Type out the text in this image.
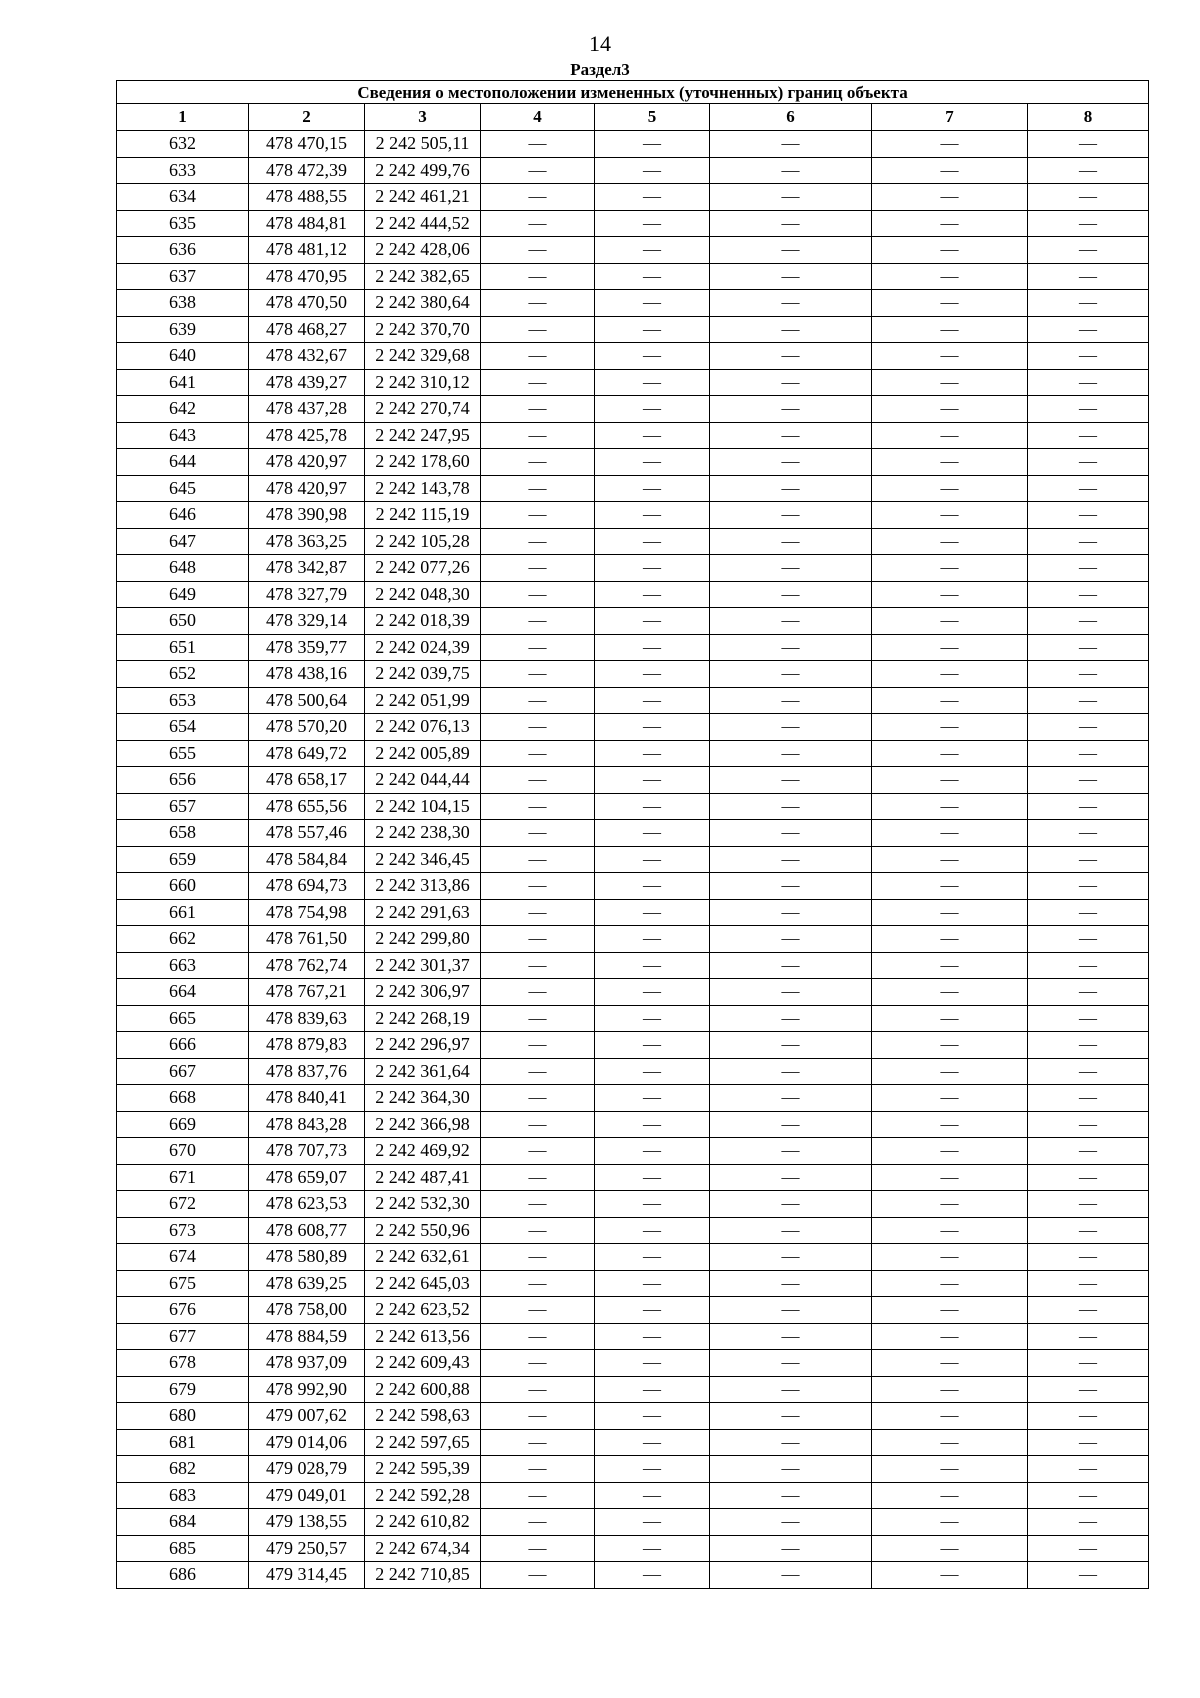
14
Раздел3
Сведения о местоположении измененных (уточненных) границ объекта							
1	2	3	4	5	6	7	8
632	478 470,15	2 242 505,11	—	—	—	—	—
633	478 472,39	2 242 499,76	—	—	—	—	—
634	478 488,55	2 242 461,21	—	—	—	—	—
635	478 484,81	2 242 444,52	—	—	—	—	—
636	478 481,12	2 242 428,06	—	—	—	—	—
637	478 470,95	2 242 382,65	—	—	—	—	—
638	478 470,50	2 242 380,64	—	—	—	—	—
639	478 468,27	2 242 370,70	—	—	—	—	—
640	478 432,67	2 242 329,68	—	—	—	—	—
641	478 439,27	2 242 310,12	—	—	—	—	—
642	478 437,28	2 242 270,74	—	—	—	—	—
643	478 425,78	2 242 247,95	—	—	—	—	—
644	478 420,97	2 242 178,60	—	—	—	—	—
645	478 420,97	2 242 143,78	—	—	—	—	—
646	478 390,98	2 242 115,19	—	—	—	—	—
647	478 363,25	2 242 105,28	—	—	—	—	—
648	478 342,87	2 242 077,26	—	—	—	—	—
649	478 327,79	2 242 048,30	—	—	—	—	—
650	478 329,14	2 242 018,39	—	—	—	—	—
651	478 359,77	2 242 024,39	—	—	—	—	—
652	478 438,16	2 242 039,75	—	—	—	—	—
653	478 500,64	2 242 051,99	—	—	—	—	—
654	478 570,20	2 242 076,13	—	—	—	—	—
655	478 649,72	2 242 005,89	—	—	—	—	—
656	478 658,17	2 242 044,44	—	—	—	—	—
657	478 655,56	2 242 104,15	—	—	—	—	—
658	478 557,46	2 242 238,30	—	—	—	—	—
659	478 584,84	2 242 346,45	—	—	—	—	—
660	478 694,73	2 242 313,86	—	—	—	—	—
661	478 754,98	2 242 291,63	—	—	—	—	—
662	478 761,50	2 242 299,80	—	—	—	—	—
663	478 762,74	2 242 301,37	—	—	—	—	—
664	478 767,21	2 242 306,97	—	—	—	—	—
665	478 839,63	2 242 268,19	—	—	—	—	—
666	478 879,83	2 242 296,97	—	—	—	—	—
667	478 837,76	2 242 361,64	—	—	—	—	—
668	478 840,41	2 242 364,30	—	—	—	—	—
669	478 843,28	2 242 366,98	—	—	—	—	—
670	478 707,73	2 242 469,92	—	—	—	—	—
671	478 659,07	2 242 487,41	—	—	—	—	—
672	478 623,53	2 242 532,30	—	—	—	—	—
673	478 608,77	2 242 550,96	—	—	—	—	—
674	478 580,89	2 242 632,61	—	—	—	—	—
675	478 639,25	2 242 645,03	—	—	—	—	—
676	478 758,00	2 242 623,52	—	—	—	—	—
677	478 884,59	2 242 613,56	—	—	—	—	—
678	478 937,09	2 242 609,43	—	—	—	—	—
679	478 992,90	2 242 600,88	—	—	—	—	—
680	479 007,62	2 242 598,63	—	—	—	—	—
681	479 014,06	2 242 597,65	—	—	—	—	—
682	479 028,79	2 242 595,39	—	—	—	—	—
683	479 049,01	2 242 592,28	—	—	—	—	—
684	479 138,55	2 242 610,82	—	—	—	—	—
685	479 250,57	2 242 674,34	—	—	—	—	—
686	479 314,45	2 242 710,85	—	—	—	—	—
